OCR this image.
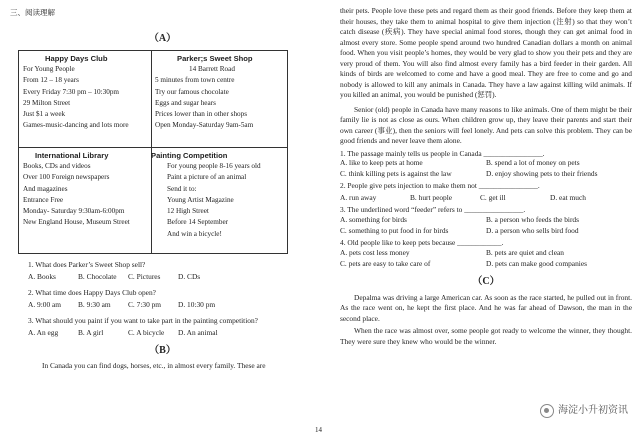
三、阅读理解
（A）
Happy Days Club
For Young People
From 12 – 18 years
Every Friday 7:30 pm – 10:30pm
29 Milton Street
Just $1 a week
Games-music-dancing and lots more
Parker;s Sweet Shop
14 Barrett Road
5 minutes from town centre
Try our famous chocolate
Eggs and sugar hears
Prices lower than in other shops
Open Monday-Saturday 9am-5am
International Library
Books, CDs and videos
Over 100 Foreign newspapers
And magazines
Entrance Free
Monday- Saturday 9:30am-6:00pm
New England House, Museum Street
Painting Competition
For young people 8-16 years old
Paint a picture of an animal
Send it to:
Young Artist Magazine
12 High Street
Before 14 September
And win a bicycle!
1. What does Parker’s Sweet Shop sell?
A. Books	B. Chocolate	C. Pictures	D. CDs
2. What time does Happy Days Club open?
A. 9:00 am	B. 9:30 am	C. 7:30 pm	D. 10:30 pm
3. What should you paint if you want to take part in the painting competition?
A. An egg	B. A girl	C. A bicycle	D. An animal
（B）

In Canada you can find dogs, horses, etc., in almost every family. These are

their pets. People love these pets and regard them as their good friends. Before they keep them at their houses, they take them to animal hospital to give them injection (注射) so that they won’t catch disease (疾病). They have special animal food stores, though they can get animal food in almost every store. Some people spend around two hundred Canadian dollars a month on animal food. When you visit people’s homes, they would be very glad to show you their pets and they are very proud of them. You will also find almost every family has a bird feeder in their garden. All kinds of birds are welcomed to come and have a good meal. They are free to come and go and nobody is allowed to kill any animals in Canada. They have a law against killing wild animals. If you killed an animal, you would be punished (惩罚).

Senior (old) people in Canada have many reasons to like animals. One of them might be their family lie is not as close as ours. When children grow up, they leave their parents and start their own career (事业), then the seniors will feel lonely. And pets can solve this problem. They can be good friends and never leave them alone.

1. The passage mainly tells us people in Canada ________________.
A. like to keep pets at home	B. spend a lot of money on pets
C. think killing pets is against the law	D. enjoy showing pets to their friends
2. People give pets injection to make them not ________________.
A. run away	B. hurt people	C. get ill	D. eat much
3. The underlined word “feeder” refers to ________________.
A. something for birds	B. a person who feeds the birds
C. something to put food in for birds	D. a person who sells bird food
4. Old people like to keep pets because ____________.
A. pets cost less money	B. pets are quiet and clean
C. pets are easy to take care of	D. pets can make good companies
（C）

Depalma was driving a large American car. As soon as the race started, he pulled out in front. As the race went on, he kept the first place. And he was far ahead of Dawson, the man in the second place.

When the race was almost over, some people got ready to welcome the winner, they thought. They were sure they knew who would be the winner.

14
海淀小升初资讯
